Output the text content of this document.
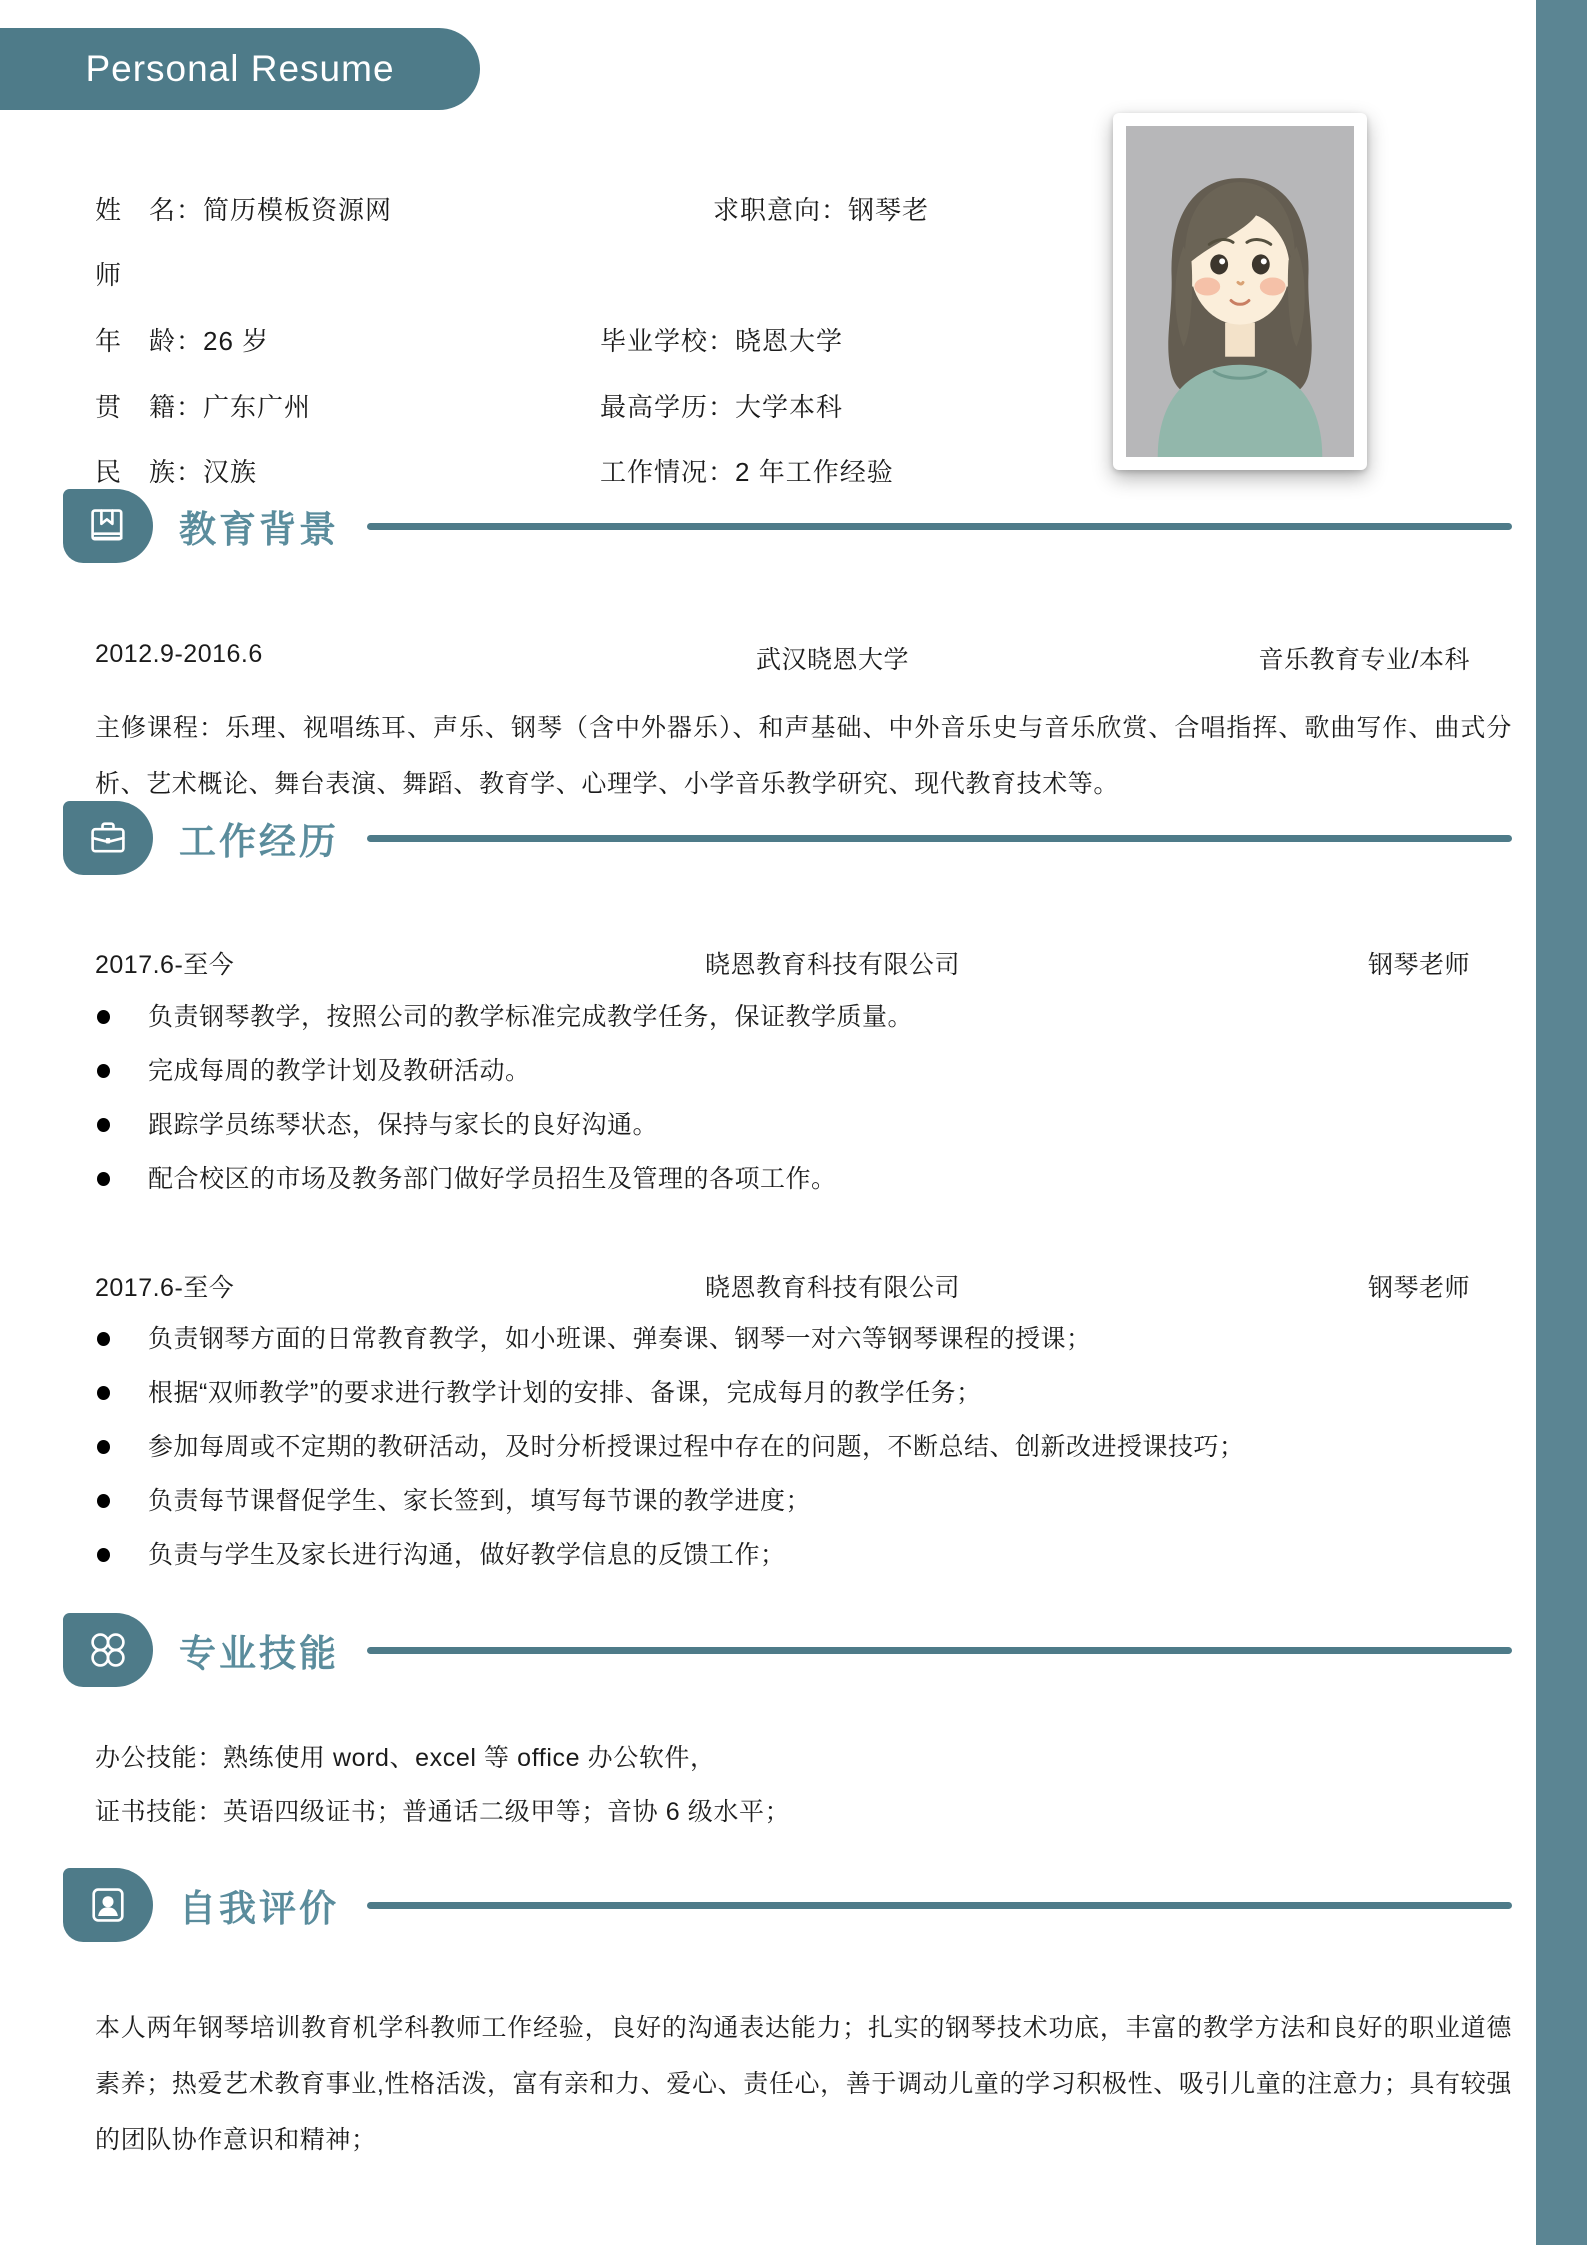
Personal Resume
姓　名：简历模板资源网	求职意向：钢琴老
师
年　龄：26 岁	毕业学校：晓恩大学
贯　籍：广东广州	最高学历：大学本科
民　族：汉族	工作情况：2 年工作经验
教育背景
2012.9-2016.6	武汉晓恩大学	音乐教育专业/本科
主修课程：乐理、视唱练耳、声乐、钢琴（含中外器乐）、和声基础、中外音乐史与音乐欣赏、合唱指挥、歌曲写作、曲式分析、艺术概论、舞台表演、舞蹈、教育学、心理学、小学音乐教学研究、现代教育技术等。
工作经历
2017.6-至今	晓恩教育科技有限公司	钢琴老师
负责钢琴教学，按照公司的教学标准完成教学任务，保证教学质量。
完成每周的教学计划及教研活动。
跟踪学员练琴状态，保持与家长的良好沟通。
配合校区的市场及教务部门做好学员招生及管理的各项工作。
2017.6-至今	晓恩教育科技有限公司	钢琴老师
负责钢琴方面的日常教育教学，如小班课、弹奏课、钢琴一对六等钢琴课程的授课；
根据“双师教学”的要求进行教学计划的安排、备课，完成每月的教学任务；
参加每周或不定期的教研活动，及时分析授课过程中存在的问题，不断总结、创新改进授课技巧；
负责每节课督促学生、家长签到，填写每节课的教学进度；
负责与学生及家长进行沟通，做好教学信息的反馈工作；
专业技能
办公技能：熟练使用 word、excel 等 office 办公软件，
证书技能：英语四级证书；普通话二级甲等；音协 6 级水平；
自我评价
本人两年钢琴培训教育机学科教师工作经验，良好的沟通表达能力；扎实的钢琴技术功底，丰富的教学方法和良好的职业道德素养；热爱艺术教育事业,性格活泼，富有亲和力、爱心、责任心，善于调动儿童的学习积极性、吸引儿童的注意力；具有较强的团队协作意识和精神；
